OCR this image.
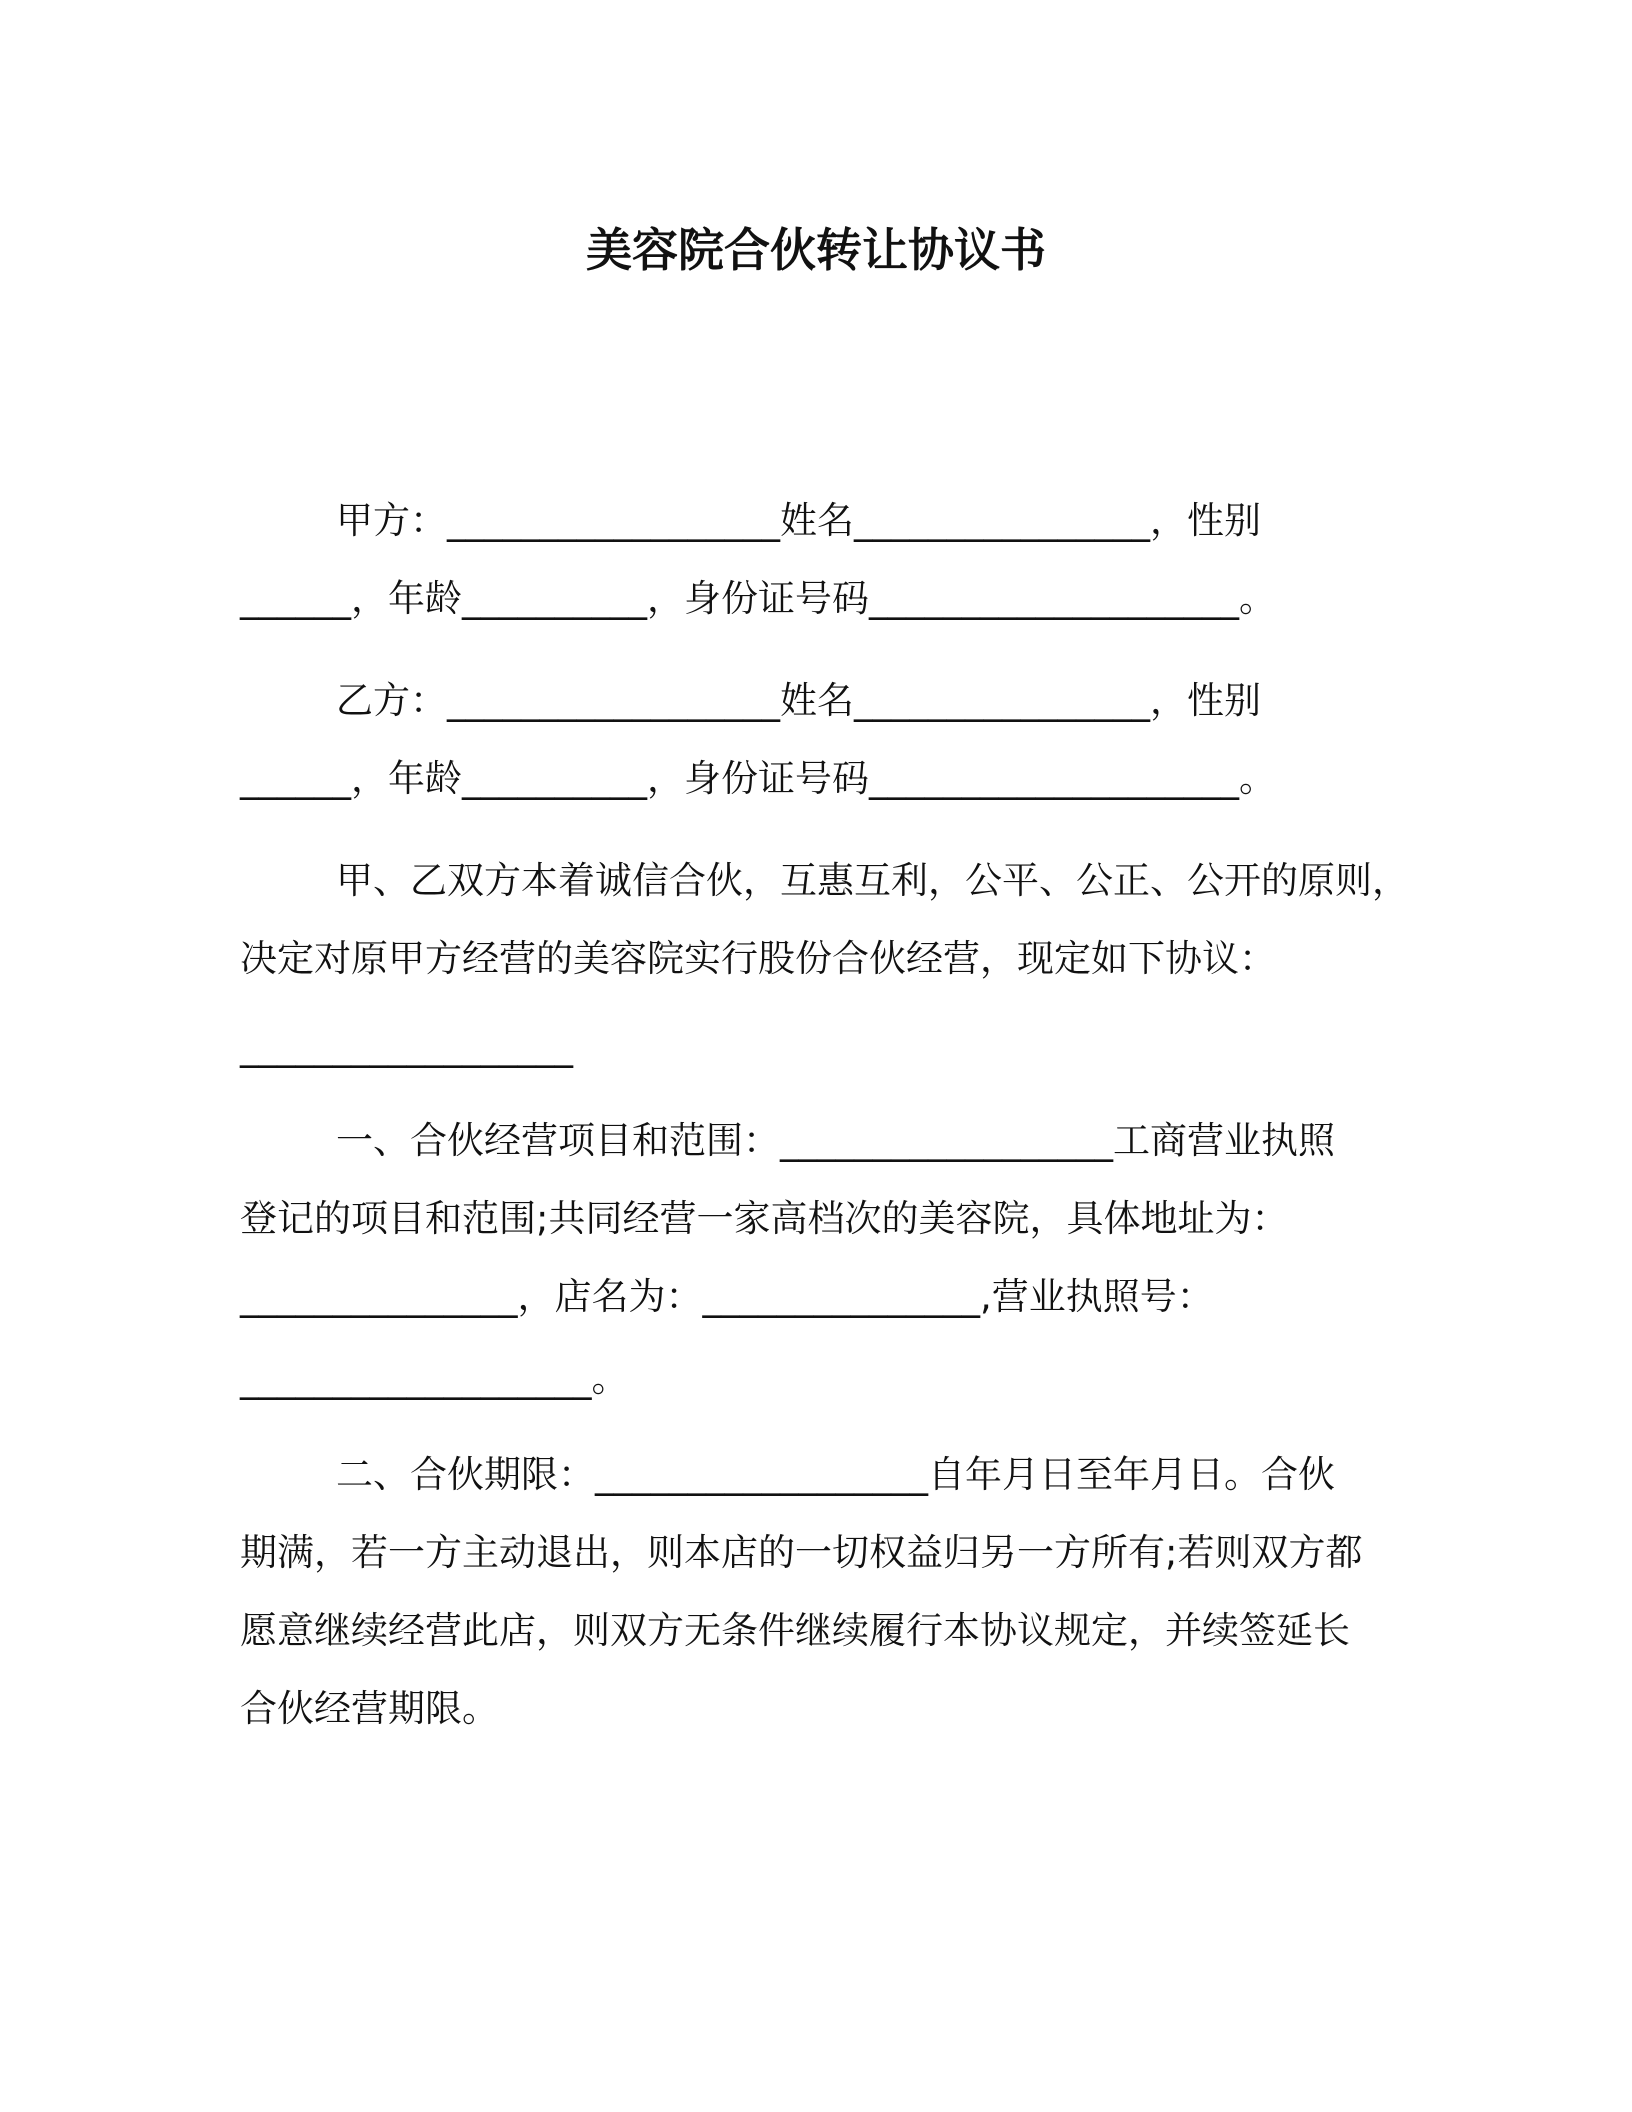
美容院合伙转让协议书
甲方：__________________姓名________________，性别
______，年龄__________，身份证号码____________________。
乙方：__________________姓名________________，性别
______，年龄__________，身份证号码____________________。
甲、乙双方本着诚信合伙，互惠互利，公平、公正、公开的原则，
决定对原甲方经营的美容院实行股份合伙经营，现定如下协议：
__________________
一、合伙经营项目和范围：__________________工商营业执照
登记的项目和范围;共同经营一家高档次的美容院，具体地址为：
_______________，店名为：_______________,营业执照号：
___________________。
二、合伙期限：__________________自年月日至年月日。合伙
期满，若一方主动退出，则本店的一切权益归另一方所有;若则双方都
愿意继续经营此店，则双方无条件继续履行本协议规定，并续签延长
合伙经营期限。
